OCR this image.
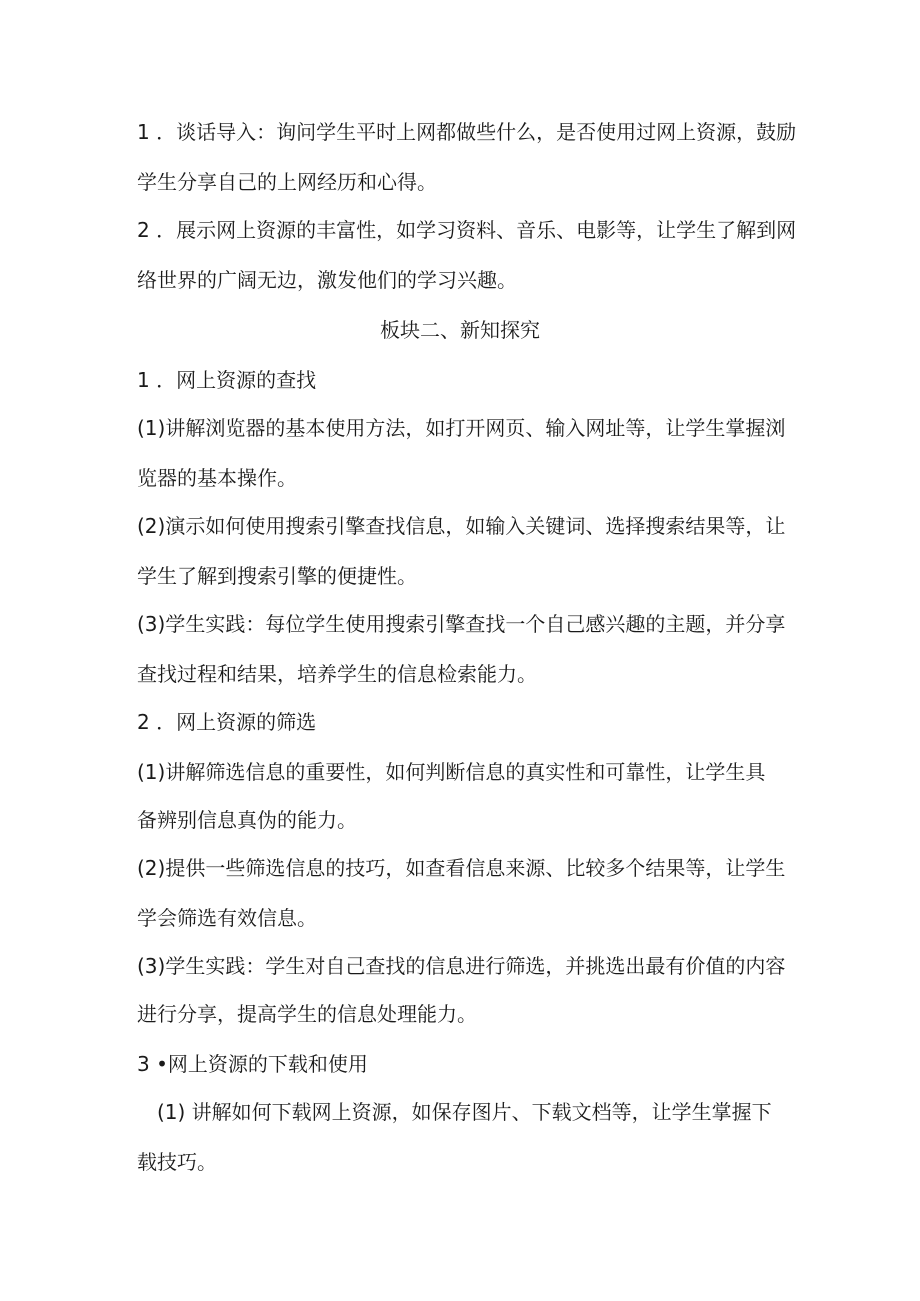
1 ．谈话导入：询问学生平时上网都做些什么，是否使用过网上资源，鼓励
学生分享自己的上网经历和心得。
2 ．展示网上资源的丰富性，如学习资料、音乐、电影等，让学生了解到网
络世界的广阔无边，激发他们的学习兴趣。
板块二、新知探究
1 ．网上资源的查找
(1)讲解浏览器的基本使用方法，如打开网页、输入网址等，让学生掌握浏
览器的基本操作。
(2)演示如何使用搜索引擎查找信息，如输入关键词、选择搜索结果等，让
学生了解到搜索引擎的便捷性。
(3)学生实践：每位学生使用搜索引擎查找一个自己感兴趣的主题，并分享
查找过程和结果，培养学生的信息检索能力。
2 ．网上资源的筛选
(1)讲解筛选信息的重要性，如何判断信息的真实性和可靠性，让学生具
备辨别信息真伪的能力。
(2)提供一些筛选信息的技巧，如查看信息来源、比较多个结果等，让学生
学会筛选有效信息。
(3)学生实践：学生对自己查找的信息进行筛选，并挑选出最有价值的内容
进行分享，提高学生的信息处理能力。
3 •网上资源的下载和使用
　(1) 讲解如何下载网上资源，如保存图片、下载文档等，让学生掌握下
载技巧。
